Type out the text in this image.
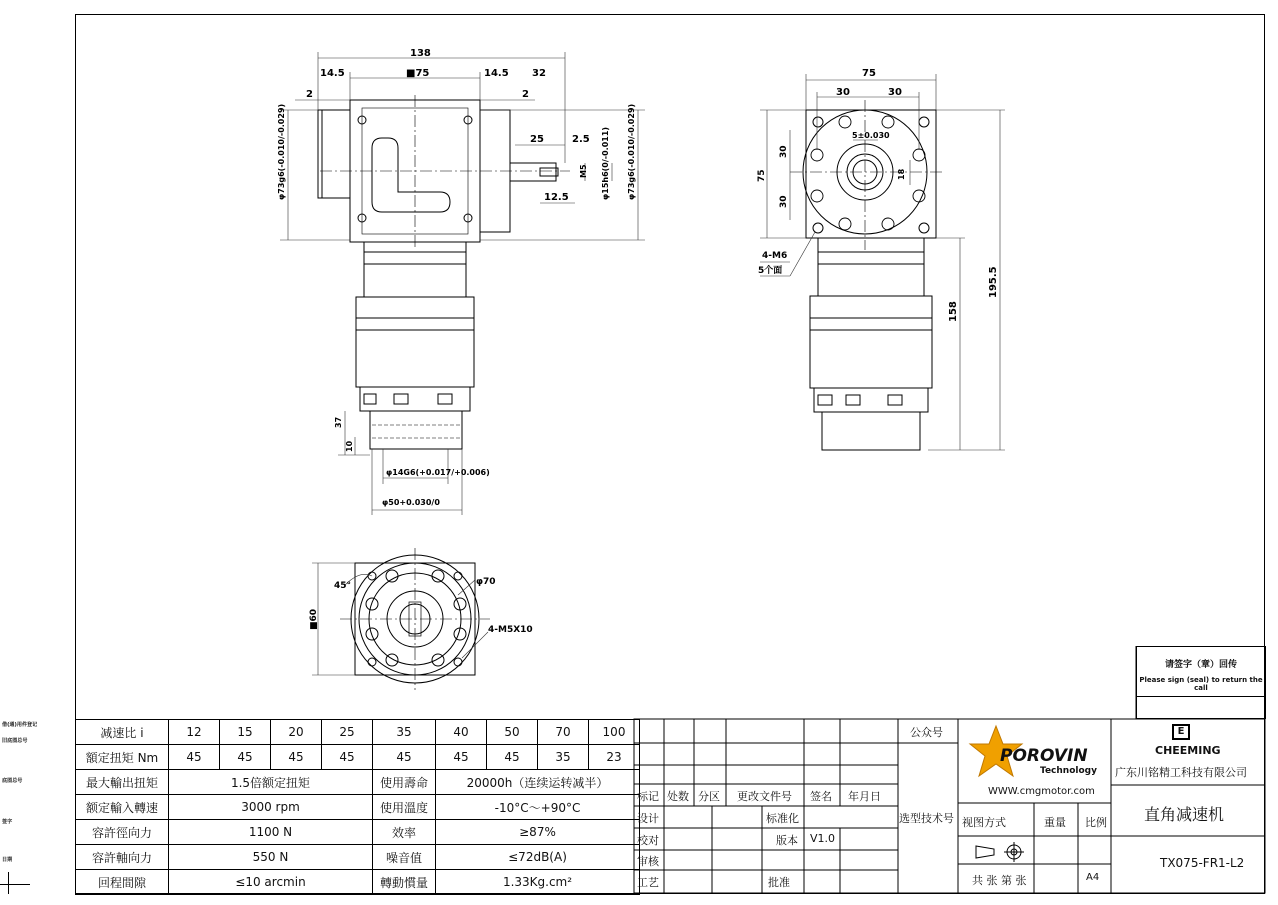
借(通)用件登记
旧底图总号
底图总号
签字
日期
138
■75
14.5	14.5 32
2	2
25	2.5
12.5
M5
φ73g6(-0.010/-0.029)	φ15h6(0/-0.011) φ73g6(-0.010/-0.029)
37
10
φ14G6(+0.017/+0.006)
φ50+0.030/0
75
30	30
5±0.030
18
75
30
30
4-M6
5个面	195.5
158
45°	φ70
4-M5X10
■60
请签字（章）回传
Please sign (seal) to return the call
减速比 i	12	15	20	25	35	40	50	70	100
額定扭矩 Nm	45	45	45	45	45	45	45	35	23
最大輸出扭矩	1.5倍额定扭矩				使用壽命	20000h（连续运转减半）			
额定輸入轉速	3000 rpm				使用溫度	-10°C～+90°C			
容許徑向力	1100 N				效率	≥87%			
容許軸向力	550 N				噪音值	≤72dB(A)			
回程間隙	≤10 arcmin				轉動慣量	1.33Kg.cm²			
标记 处数 分区 更改文件号 签名 年月日
设计	标准化
校对	版本 V1.0
审核
工艺	批准
公众号
选型技术号
POROVIN
Technology
WWW.cmgmotor.com
视图方式	重量 比例
共 张 第 张	A4
E
CHEEMING
广东川铭精工科技有限公司
直角减速机
TX075-FR1-L2
